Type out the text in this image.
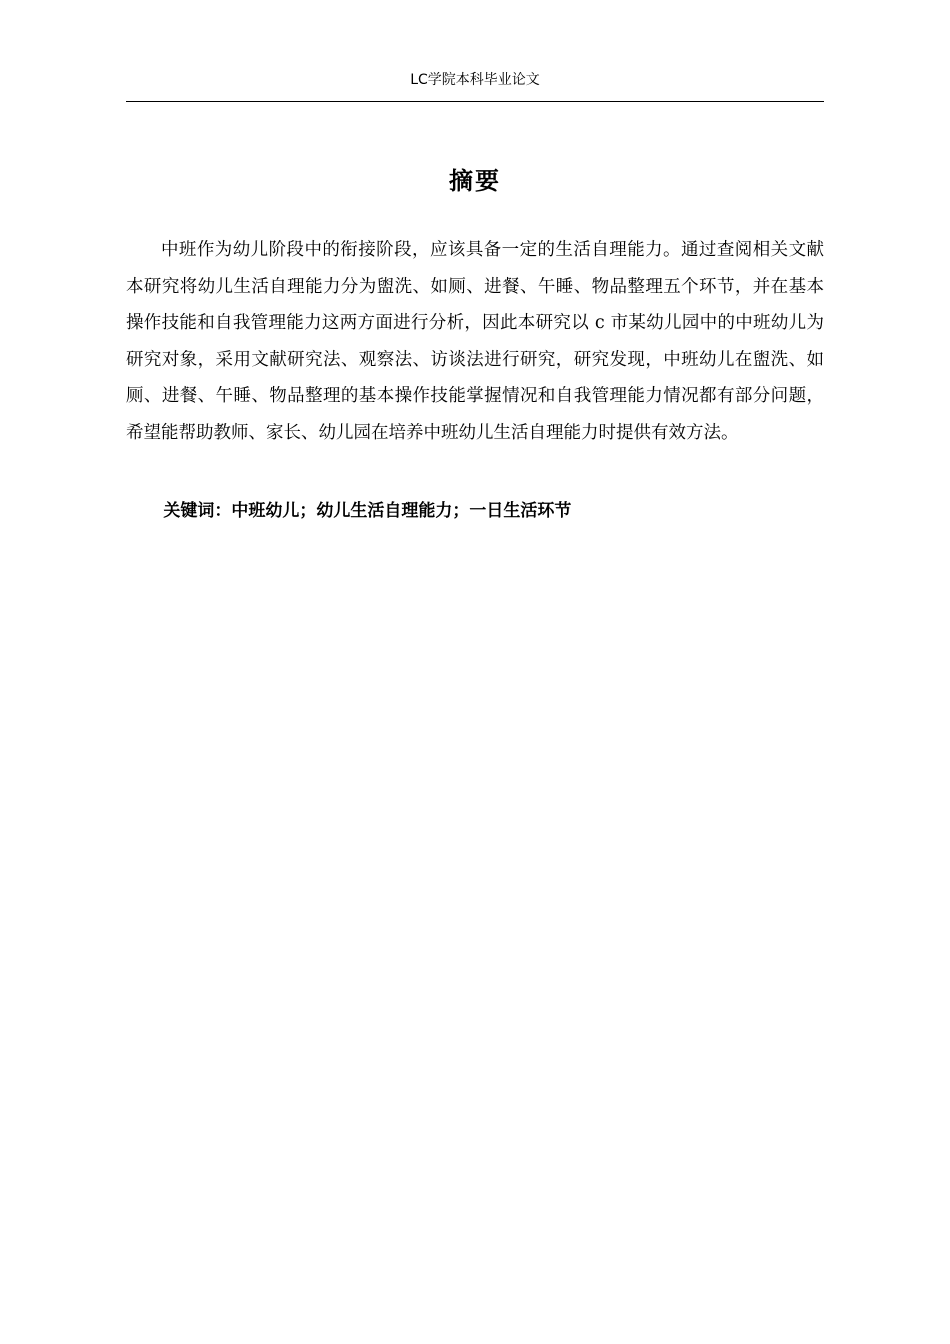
LC学院本科毕业论文
摘要

中班作为幼儿阶段中的衔接阶段，应该具备一定的生活自理能力。通过查阅相关文献本研究将幼儿生活自理能力分为盥洗、如厕、进餐、午睡、物品整理五个环节，并在基本操作技能和自我管理能力这两方面进行分析，因此本研究以 c 市某幼儿园中的中班幼儿为研究对象，采用文献研究法、观察法、访谈法进行研究，研究发现，中班幼儿在盥洗、如厕、进餐、午睡、物品整理的基本操作技能掌握情况和自我管理能力情况都有部分问题，希望能帮助教师、家长、幼儿园在培养中班幼儿生活自理能力时提供有效方法。

关键词：中班幼儿；幼儿生活自理能力；一日生活环节
